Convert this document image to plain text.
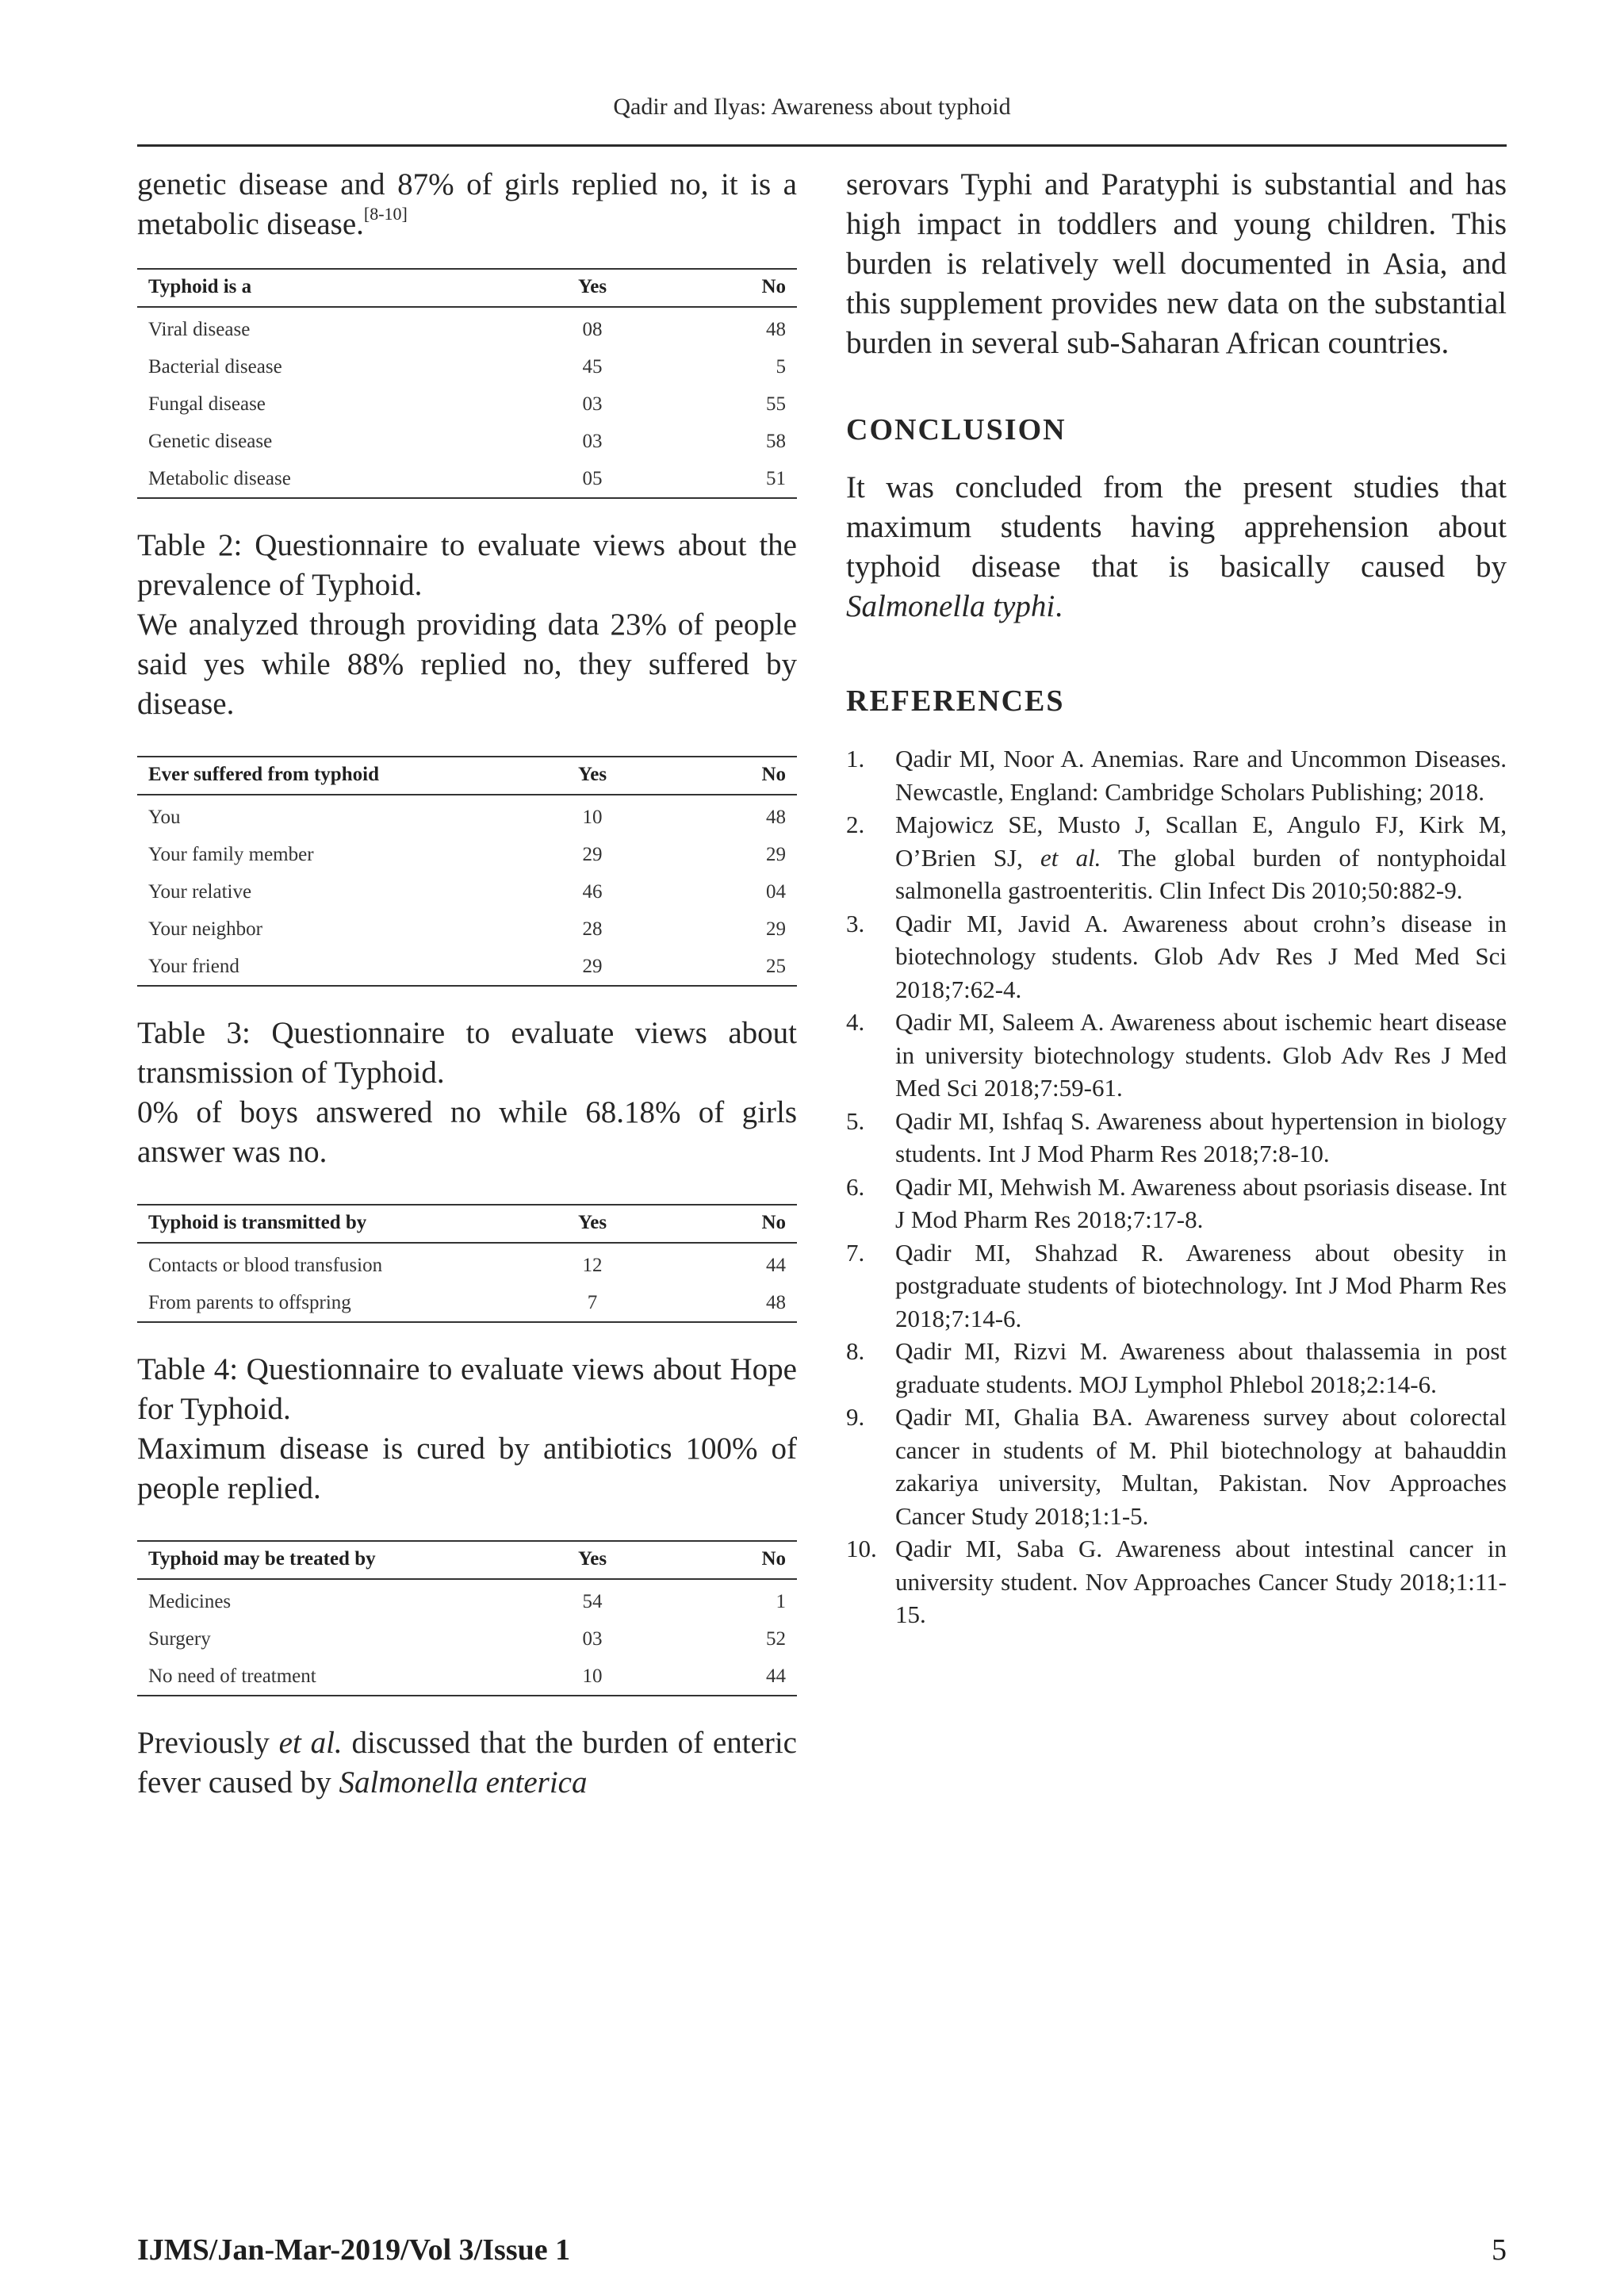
Qadir and Ilyas: Awareness about typhoid

genetic disease and 87% of girls replied no, it is a metabolic disease.[8-10]

Typhoid is a	Yes	No
Viral disease	08	48
Bacterial disease	45	5
Fungal disease	03	55
Genetic disease	03	58
Metabolic disease	05	51

Table 2: Questionnaire to evaluate views about the prevalence of Typhoid.

We analyzed through providing data 23% of people said yes while 88% replied no, they suffered by disease.

Ever suffered from typhoid	Yes	No
You	10	48
Your family member	29	29
Your relative	46	04
Your neighbor	28	29
Your friend	29	25

Table 3: Questionnaire to evaluate views about transmission of Typhoid.

0% of boys answered no while 68.18% of girls answer was no.

Typhoid is transmitted by	Yes	No
Contacts or blood transfusion	12	44
From parents to offspring	7	48

Table 4: Questionnaire to evaluate views about Hope for Typhoid.

Maximum disease is cured by antibiotics 100% of people replied.

Typhoid may be treated by	Yes	No
Medicines	54	1
Surgery	03	52
No need of treatment	10	44

Previously et al. discussed that the burden of enteric fever caused by Salmonella enterica

serovars Typhi and Paratyphi is substantial and has high impact in toddlers and young children. This burden is relatively well documented in Asia, and this supplement provides new data on the substantial burden in several sub-Saharan African countries.

CONCLUSION

It was concluded from the present studies that maximum students having apprehension about typhoid disease that is basically caused by Salmonella typhi.

REFERENCES
1. Qadir MI, Noor A. Anemias. Rare and Uncommon Diseases. Newcastle, England: Cambridge Scholars Publishing; 2018.
2. Majowicz SE, Musto J, Scallan E, Angulo FJ, Kirk M, O’Brien SJ, et al. The global burden of nontyphoidal salmonella gastroenteritis. Clin Infect Dis 2010;50:882-9.
3. Qadir MI, Javid A. Awareness about crohn’s disease in biotechnology students. Glob Adv Res J Med Med Sci 2018;7:62-4.
4. Qadir MI, Saleem A. Awareness about ischemic heart disease in university biotechnology students. Glob Adv Res J Med Med Sci 2018;7:59-61.
5. Qadir MI, Ishfaq S. Awareness about hypertension in biology students. Int J Mod Pharm Res 2018;7:8-10.
6. Qadir MI, Mehwish M. Awareness about psoriasis disease. Int J Mod Pharm Res 2018;7:17-8.
7. Qadir MI, Shahzad R. Awareness about obesity in postgraduate students of biotechnology. Int J Mod Pharm Res 2018;7:14-6.
8. Qadir MI, Rizvi M. Awareness about thalassemia in post graduate students. MOJ Lymphol Phlebol 2018;2:14-6.
9. Qadir MI, Ghalia BA. Awareness survey about colorectal cancer in students of M. Phil biotechnology at bahauddin zakariya university, Multan, Pakistan. Nov Approaches Cancer Study 2018;1:1-5.
10. Qadir MI, Saba G. Awareness about intestinal cancer in university student. Nov Approaches Cancer Study 2018;1:11-15.
IJMS/Jan-Mar-2019/Vol 3/Issue 1	5
